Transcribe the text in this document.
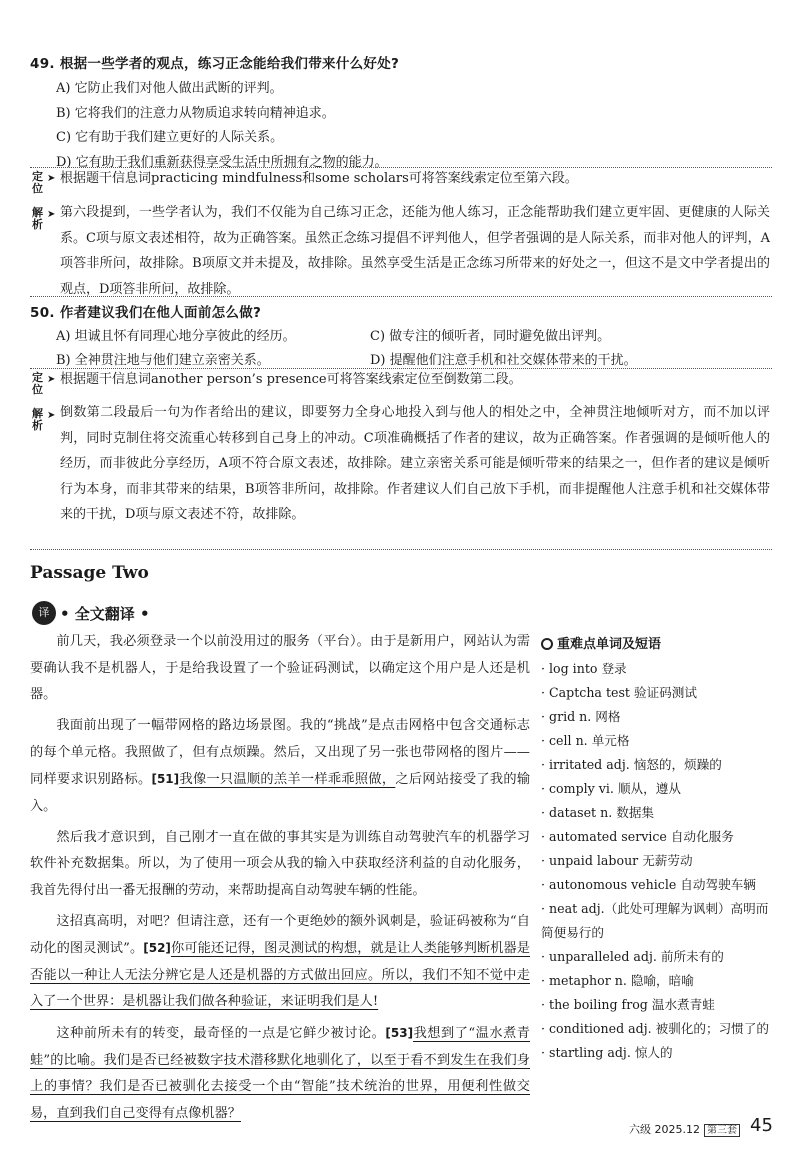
49. 根据一些学者的观点，练习正念能给我们带来什么好处?
A) 它防止我们对他人做出武断的评判。
B) 它将我们的注意力从物质追求转向精神追求。
C) 它有助于我们建立更好的人际关系。
D) 它有助于我们重新获得享受生活中所拥有之物的能力。
定位
➤ 根据题干信息词practicing mindfulness和some scholars可将答案线索定位至第六段。
解析
➤ 第六段提到，一些学者认为，我们不仅能为自己练习正念，还能为他人练习，正念能帮助我们建立更牢固、更健康的人际关系。C项与原文表述相符，故为正确答案。虽然正念练习提倡不评判他人，但学者强调的是人际关系，而非对他人的评判，A项答非所问，故排除。B项原文并未提及，故排除。虽然享受生活是正念练习所带来的好处之一，但这不是文中学者提出的观点，D项答非所问，故排除。
50. 作者建议我们在他人面前怎么做?
A) 坦诚且怀有同理心地分享彼此的经历。	C) 做专注的倾听者，同时避免做出评判。
B) 全神贯注地与他们建立亲密关系。	D) 提醒他们注意手机和社交媒体带来的干扰。
定位
➤ 根据题干信息词another person’s presence可将答案线索定位至倒数第二段。
解析
➤ 倒数第二段最后一句为作者给出的建议，即要努力全身心地投入到与他人的相处之中，全神贯注地倾听对方，而不加以评判，同时克制住将交流重心转移到自己身上的冲动。C项准确概括了作者的建议，故为正确答案。作者强调的是倾听他人的经历，而非彼此分享经历，A项不符合原文表述，故排除。建立亲密关系可能是倾听带来的结果之一，但作者的建议是倾听行为本身，而非其带来的结果，B项答非所问，故排除。作者建议人们自己放下手机，而非提醒他人注意手机和社交媒体带来的干扰，D项与原文表述不符，故排除。
Passage Two
译 • 全文翻译 •

前几天，我必须登录一个以前没用过的服务（平台）。由于是新用户，网站认为需要确认我不是机器人，于是给我设置了一个验证码测试，以确定这个用户是人还是机器。

我面前出现了一幅带网格的路边场景图。我的“挑战”是点击网格中包含交通标志的每个单元格。我照做了，但有点烦躁。然后，又出现了另一张也带网格的图片——同样要求识别路标。[51]我像一只温顺的羔羊一样乖乖照做，之后网站接受了我的输入。

然后我才意识到，自己刚才一直在做的事其实是为训练自动驾驶汽车的机器学习软件补充数据集。所以，为了使用一项会从我的输入中获取经济利益的自动化服务，我首先得付出一番无报酬的劳动，来帮助提高自动驾驶车辆的性能。

这招真高明，对吧？但请注意，还有一个更绝妙的额外讽刺是，验证码被称为“自动化的图灵测试”。[52]你可能还记得，图灵测试的构想，就是让人类能够判断机器是否能以一种让人无法分辨它是人还是机器的方式做出回应。所以，我们不知不觉中走入了一个世界：是机器让我们做各种验证，来证明我们是人!

这种前所未有的转变，最奇怪的一点是它鲜少被讨论。[53]我想到了“温水煮青蛙”的比喻。我们是否已经被数字技术潜移默化地驯化了，以至于看不到发生在我们身上的事情？我们是否已被驯化去接受一个由“智能”技术统治的世界，用便利性做交易，直到我们自己变得有点像机器？

重难点单词及短语
· log into 登录
· Captcha test 验证码测试
· grid n. 网格
· cell n. 单元格
· irritated adj. 恼怒的，烦躁的
· comply vi. 顺从，遵从
· dataset n. 数据集
· automated service 自动化服务
· unpaid labour 无薪劳动
· autonomous vehicle 自动驾驶车辆
· neat adj.（此处可理解为讽刺）高明而简便易行的
· unparalleled adj. 前所未有的
· metaphor n. 隐喻，暗喻
· the boiling frog 温水煮青蛙
· conditioned adj. 被驯化的；习惯了的
· startling adj. 惊人的
六级 2025.12 第三套 45
